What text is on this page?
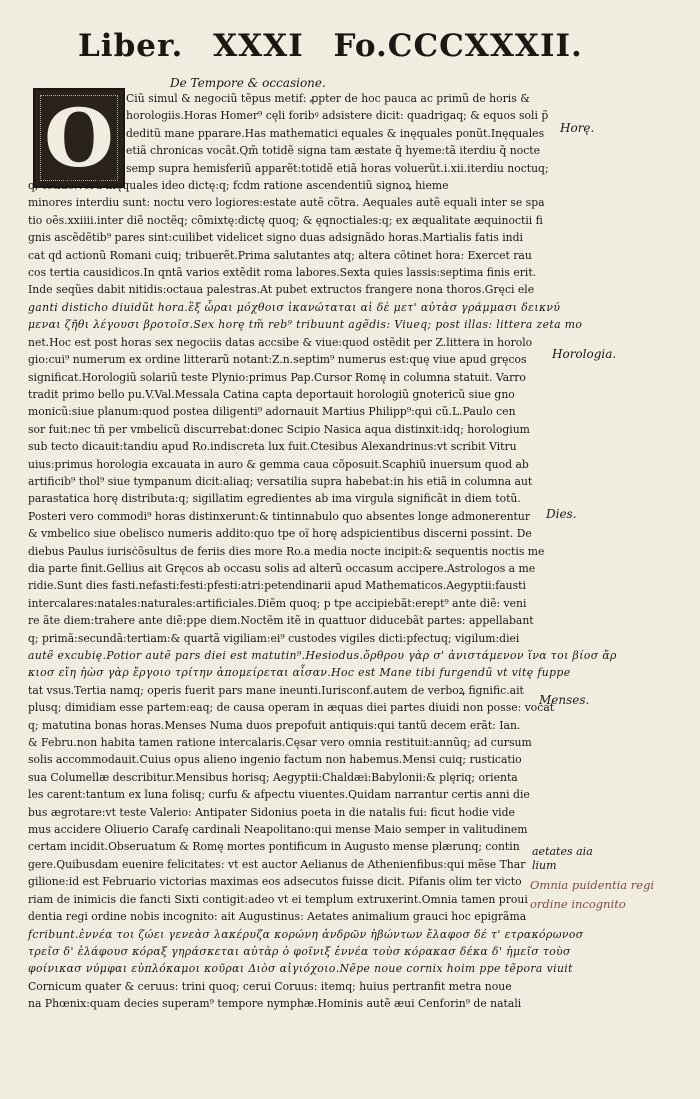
Liber. XXXI Fo.CCCXXXII.
De Tempore & occasione.
O	Ciũ simul & negociũ tẽpus metif: ꝓpter de hoc pauca ac primũ de horis &
horologiis.Horas Homer⁹ cęli foribꝰ adsistere dicit: quadrigaq; & equos soli p̃
deditũ mane pparare.Has mathematici equales & inęquales ponũt.Inęquales
etiã chronicas vocãt.Qm̃ totidẽ signa tam æstate q̃ hyeme:tã iterdiu q̃ nocte
semp supra hemisferiũ apparẽt:totidẽ etiã horas voluerũt.i.xii.iterdiu noctuq;
q; totidẽ:verũ inęquales ideo dictę:q; fcdm ratione ascendentiũ signoꝝ hieme
minores interdiu sunt: noctu vero logiores:estate autẽ cõtra. Aequales autẽ equali inter se spa
tio oẽs.xxiiii.inter diẽ noctẽq; cõmixtę:dictę quoq; & ęqnoctiales:q; ex æqualitate æquinoctii fi
gnis ascẽdẽtib⁹ pares sint:cuilibet videlicet signo duas adsignãdo horas.Martialis fatis indi
cat qd actionũ Romani cuiq; tribuerẽt.Prima salutantes atq; altera cõtinet hora: Exercet rau
cos tertia causidicos.In qntã varios extẽdit roma labores.Sexta quies lassis:septima finis erit.
Inde seqũes dabit nitidis:octaua palestras.At pubet extructos frangere nona thoros.Gręci ele
ganti disticho diuidũt hora.ἓξ ὧραι μόχθοισ ἱκανώταται αἱ δὲ μετ' αὐτὰσ γράμμασι δεικνύ
μεναι ζῆθι λέγουσι βροτοῖσ.Sex horę tm̃ reb⁹ tribuunt agẽdis: Viueq; post illas: littera zeta mo
net.Hoc est post horas sex negociis datas accsibe & viue:quod ostẽdit per Z.littera in horolo
gio:cui⁹ numerum ex ordine litterarũ notant:Z.n.septim⁹ numerus est:quę viue apud gręcos
significat.Horologiũ solariũ teste Plynio:primus Pap.Cursor Romę in columna statuit. Varro
tradit primo bello pu.V.Val.Messala Catina capta deportauit horologiũ gnotericũ siue gno
monicũ:siue planum:quod postea diligenti⁹ adornauit Martius Philipp⁹:qui cũ.L.Paulo cen
sor fuit:nec tñ per vmbelicũ discurrebat:donec Scipio Nasica aqua distinxit:idq; horologium
sub tecto dicauit:tandiu apud Ro.indiscreta lux fuit.Ctesibus Alexandrinus:vt scribit Vitru
uius:primus horologia excauata in auro & gemma caua cõposuit.Scaphiũ inuersum quod ab
artificib⁹ thol⁹ siue tympanum dicit:aliaq; versatilia supra habebat:in his etiã in columna aut
parastatica horę distributa:q; sigillatim egredientes ab ima virgula significãt in diem totũ.
Posteri vero commodi⁹ horas distinxerunt:& tintinnabulo quo absentes longe admonerentur
& vmbelico siue obelisco numeris addito:quo tpe oĩ horę adspicientibus discerni possint. De
diebus Paulus iurisċõsultus de feriis dies more Ro.a media nocte incipit:& sequentis noctis me
dia parte finit.Gellius ait Gręcos ab occasu solis ad alterũ occasum accipere.Astrologos a me
ridie.Sunt dies fasti.nefasti:festi:pfesti:atri:petendinarii apud Mathematicos.Aegyptii:fausti
intercalares:natales:naturales:artificiales.Diẽm quoq; p tpe accipiebãt:erept⁹ ante diẽ: veni
re ãte diem:trahere ante diẽ:ppe diem.Noctẽm itẽ in quattuor diducebãt partes: appellabant
q; primã:secundã:tertiam:& quartã vigiliam:ei⁹ custodes vigiles dicti:pfectuq; vigilum:diei
autẽ excubię.Potior autẽ pars diei est matutin⁹.Hesiodus.ὄρθρου γὰρ σ' ἀνιστάμενον ἵνα τοι βίοσ ἄρ
κιοσ εἴη ἠὼσ γὰρ ἔργοιο τρίτην ἀπομείρεται αἶσαν.Hoc est Mane tibi furgendũ vt vitę fuppe
tat vsus.Tertia namq; operis fuerit pars mane ineunti.Iurisconf.autem de verboꝝ fignific.ait
plusq; dimidiam esse partem:eaq; de causa operam in æquas diei partes diuidi non posse: vocat
q; matutina bonas horas.Menses Numa duos prepofuit antiquis:qui tantũ decem erãt: Ian.
& Febru.non habita tamen ratione intercalaris.Cęsar vero omnia restituit:annũq; ad cursum
solis accommodauit.Cuius opus alieno ingenio factum non habemus.Mensi cuiq; rusticatio
sua Columellæ describitur.Mensibus horisq; Aegyptii:Chaldæi:Babylonii:& plęriq; orienta
les carent:tantum ex luna folisq; curfu & afpectu viuentes.Quidam narrantur certis anni die
bus ægrotare:vt teste Valerio: Antipater Sidonius poeta in die natalis fui: ficut hodie vide
mus accidere Oliuerio Carafę cardinali Neapolitano:qui mense Maio semper in valitudinem
certam incidit.Obseruatum & Romę mortes pontificum in Augusto mense plærunq; contin
gere.Quibusdam euenire felicitates: vt est auctor Aelianus de Athenienfibus:qui mẽse Thar
gilione:id est Februario victorias maximas eos adsecutos fuisse dicit. Pifanis olim ter victo
riam de inimicis die fancti Sixti contigit:adeo vt ei templum extruxerint.Omnia tamen proui
dentia regi ordine nobis incognito: ait Augustinus: Aetates animalium grauci hoc epigrãma
fcribunt.ἐννέα τοι ζώει γενεὰσ λακέρυζα κορώνη ἀνδρῶν ἡβώντων ἔλαφοσ δέ τ' ετρακόρωνοσ
τρεῖσ δ' ἐλάφουσ κόραξ γηράσκεται αὐτὰρ ὁ φοῖνιξ ἐννέα τοὺσ κόρακασ δέκα δ' ἡμεῖσ τοὺσ
φοίνικασ νύμφαι εὐπλόκαμοι κοῦραι Διὸσ αἰγιόχοιο.Nẽpe noue cornix hoim ppe tẽpora viuit
Cornicum quater & ceruus: trini quoq; cerui Coruus: itemq; huius pertranfit metra noue
na Phœnix:quam decies superam⁹ tempore nymphæ.Hominis autẽ æui Cenforin⁹ de natali
Horę.
Horologia.
Dies.
Menses.
aetates aia lium
Omnia puidentia regi ordine incognito
